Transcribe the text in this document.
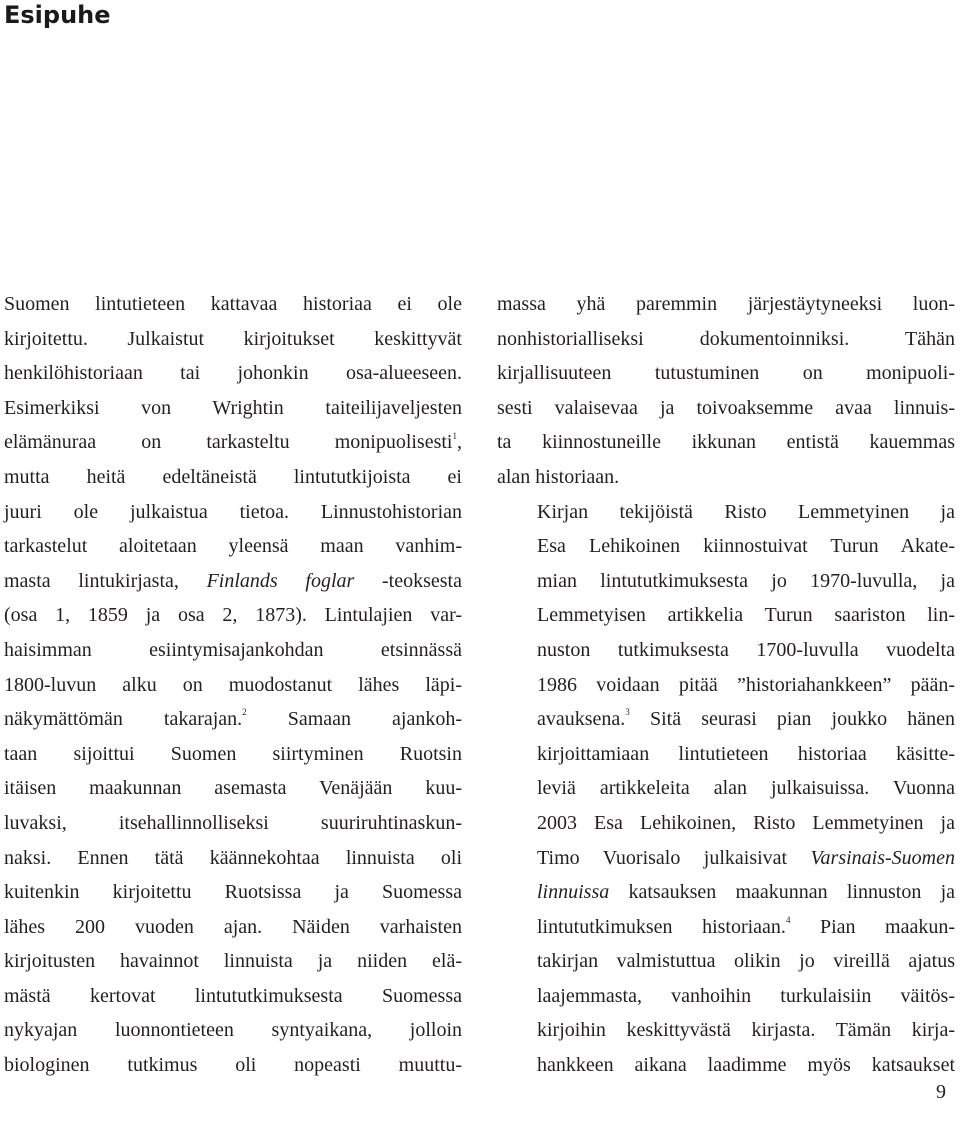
Esipuhe

Suomen lintutieteen kattavaa historiaa ei ole
kirjoitettu. Julkaistut kirjoitukset keskittyvät
henkilöhistoriaan tai johonkin osa-alueeseen.
Esimerkiksi von Wrightin taiteilijaveljesten
elämänuraa on tarkasteltu monipuolisesti$^1$,
mutta heitä edeltäneistä lintututkijoista ei
juuri ole julkaistua tietoa. Linnustohistorian
tarkastelut aloitetaan yleensä maan vanhim-
masta lintukirjasta, Finlands foglar -teoksesta
(osa 1, 1859 ja osa 2, 1873). Lintulajien var-
haisimman esiintymisajankohdan etsinnässä
1800-luvun alku on muodostanut lähes läpi-
näkymättömän takarajan.$^2$ Samaan ajankoh-
taan sijoittui Suomen siirtyminen Ruotsin
itäisen maakunnan asemasta Venäjään kuu-
luvaksi, itsehallinnolliseksi suuriruhtinaskun-
naksi. Ennen tätä käännekohtaa linnuista oli
kuitenkin kirjoitettu Ruotsissa ja Suomessa
lähes 200 vuoden ajan. Näiden varhaisten
kirjoitusten havainnot linnuista ja niiden elä-
mästä kertovat lintututkimuksesta Suomessa
nykyajan luonnontieteen syntyaikana, jolloin
biologinen tutkimus oli nopeasti muuttu-

massa yhä paremmin järjestäytyneeksi luon-
nonhistorialliseksi dokumentoinniksi. Tähän
kirjallisuuteen tutustuminen on monipuoli-
sesti valaisevaa ja toivoaksemme avaa linnuis-
ta kiinnostuneille ikkunan entistä kauemmas
alan historiaan.

Kirjan tekijöistä Risto Lemmetyinen ja
Esa Lehikoinen kiinnostuivat Turun Akate-
mian lintututkimuksesta jo 1970-luvulla, ja
Lemmetyisen artikkelia Turun saariston lin-
nuston tutkimuksesta 1700-luvulla vuodelta
1986 voidaan pitää ”historiahankkeen” pään-
avauksena.$^3$ Sitä seurasi pian joukko hänen
kirjoittamiaan lintutieteen historiaa käsitte-
leviä artikkeleita alan julkaisuissa. Vuonna
2003 Esa Lehikoinen, Risto Lemmetyinen ja
Timo Vuorisalo julkaisivat Varsinais-Suomen
linnuissa katsauksen maakunnan linnuston ja
lintututkimuksen historiaan.$^4$ Pian maakun-
takirjan valmistuttua olikin jo vireillä ajatus
laajemmasta, vanhoihin turkulaisiin väitös-
kirjoihin keskittyvästä kirjasta. Tämän kirja-
hankkeen aikana laadimme myös katsaukset

9
